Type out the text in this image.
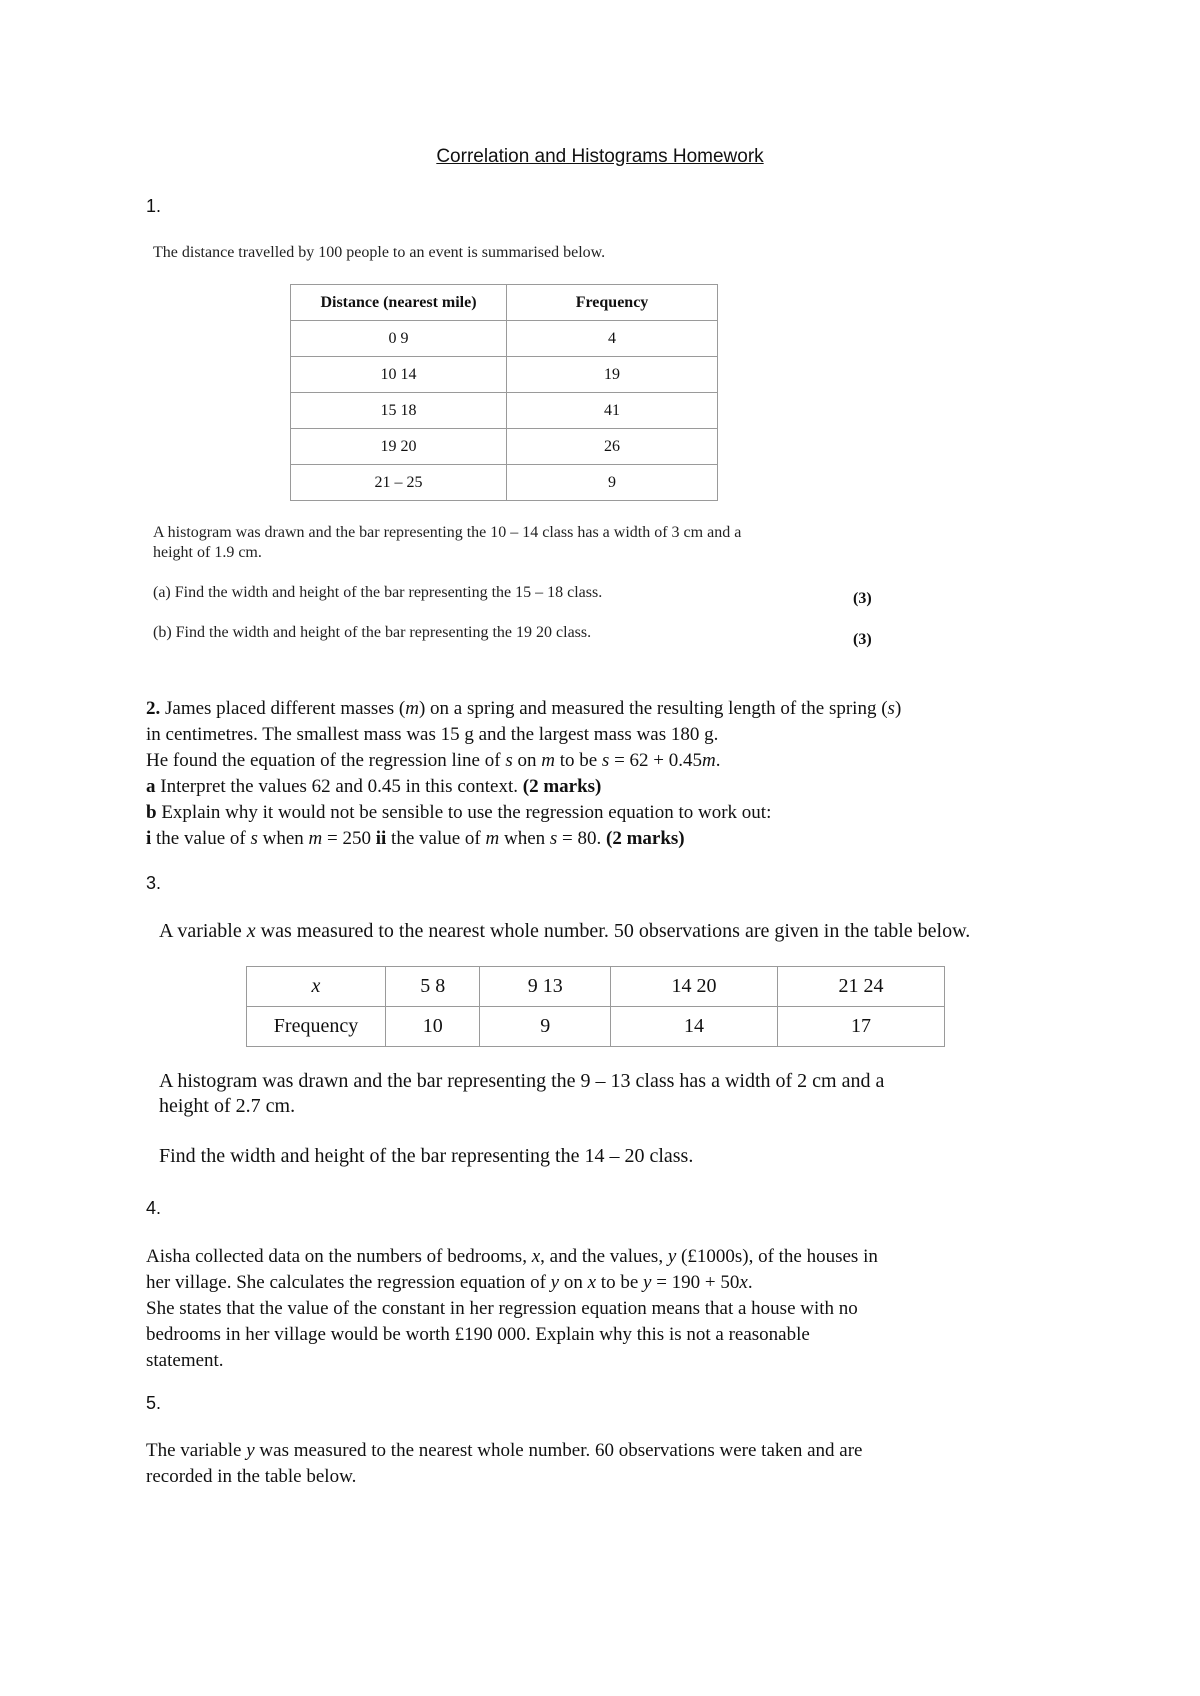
Correlation and Histograms Homework
1.
The distance travelled by 100 people to an event is summarised below.
Distance (nearest mile)	Frequency
0 9	4
10 14	19
15 18	41
19 20	26
21 – 25	9
A histogram was drawn and the bar representing the 10 – 14 class has a width of 3 cm and a
height of 1.9 cm.
(a) Find the width and height of the bar representing the 15 – 18 class.	(3)
(b) Find the width and height of the bar representing the 19 20 class.	(3)
2. James placed different masses (m) on a spring and measured the resulting length of the spring (s)
in centimetres. The smallest mass was 15 g and the largest mass was 180 g.
He found the equation of the regression line of s on m to be s = 62 + 0.45m.
a Interpret the values 62 and 0.45 in this context. (2 marks)
b Explain why it would not be sensible to use the regression equation to work out:
i the value of s when m = 250 ii the value of m when s = 80. (2 marks)
3.
A variable x was measured to the nearest whole number. 50 observations are given in the table below.
x	5 8	9 13	14 20	21 24
Frequency	10	9	14	17
A histogram was drawn and the bar representing the 9 – 13 class has a width of 2 cm and a
height of 2.7 cm.
Find the width and height of the bar representing the 14 – 20 class.
4.
Aisha collected data on the numbers of bedrooms, x, and the values, y (£1000s), of the houses in
her village. She calculates the regression equation of y on x to be y = 190 + 50x.
She states that the value of the constant in her regression equation means that a house with no
bedrooms in her village would be worth £190 000. Explain why this is not a reasonable
statement.
5.
The variable y was measured to the nearest whole number. 60 observations were taken and are
recorded in the table below.
